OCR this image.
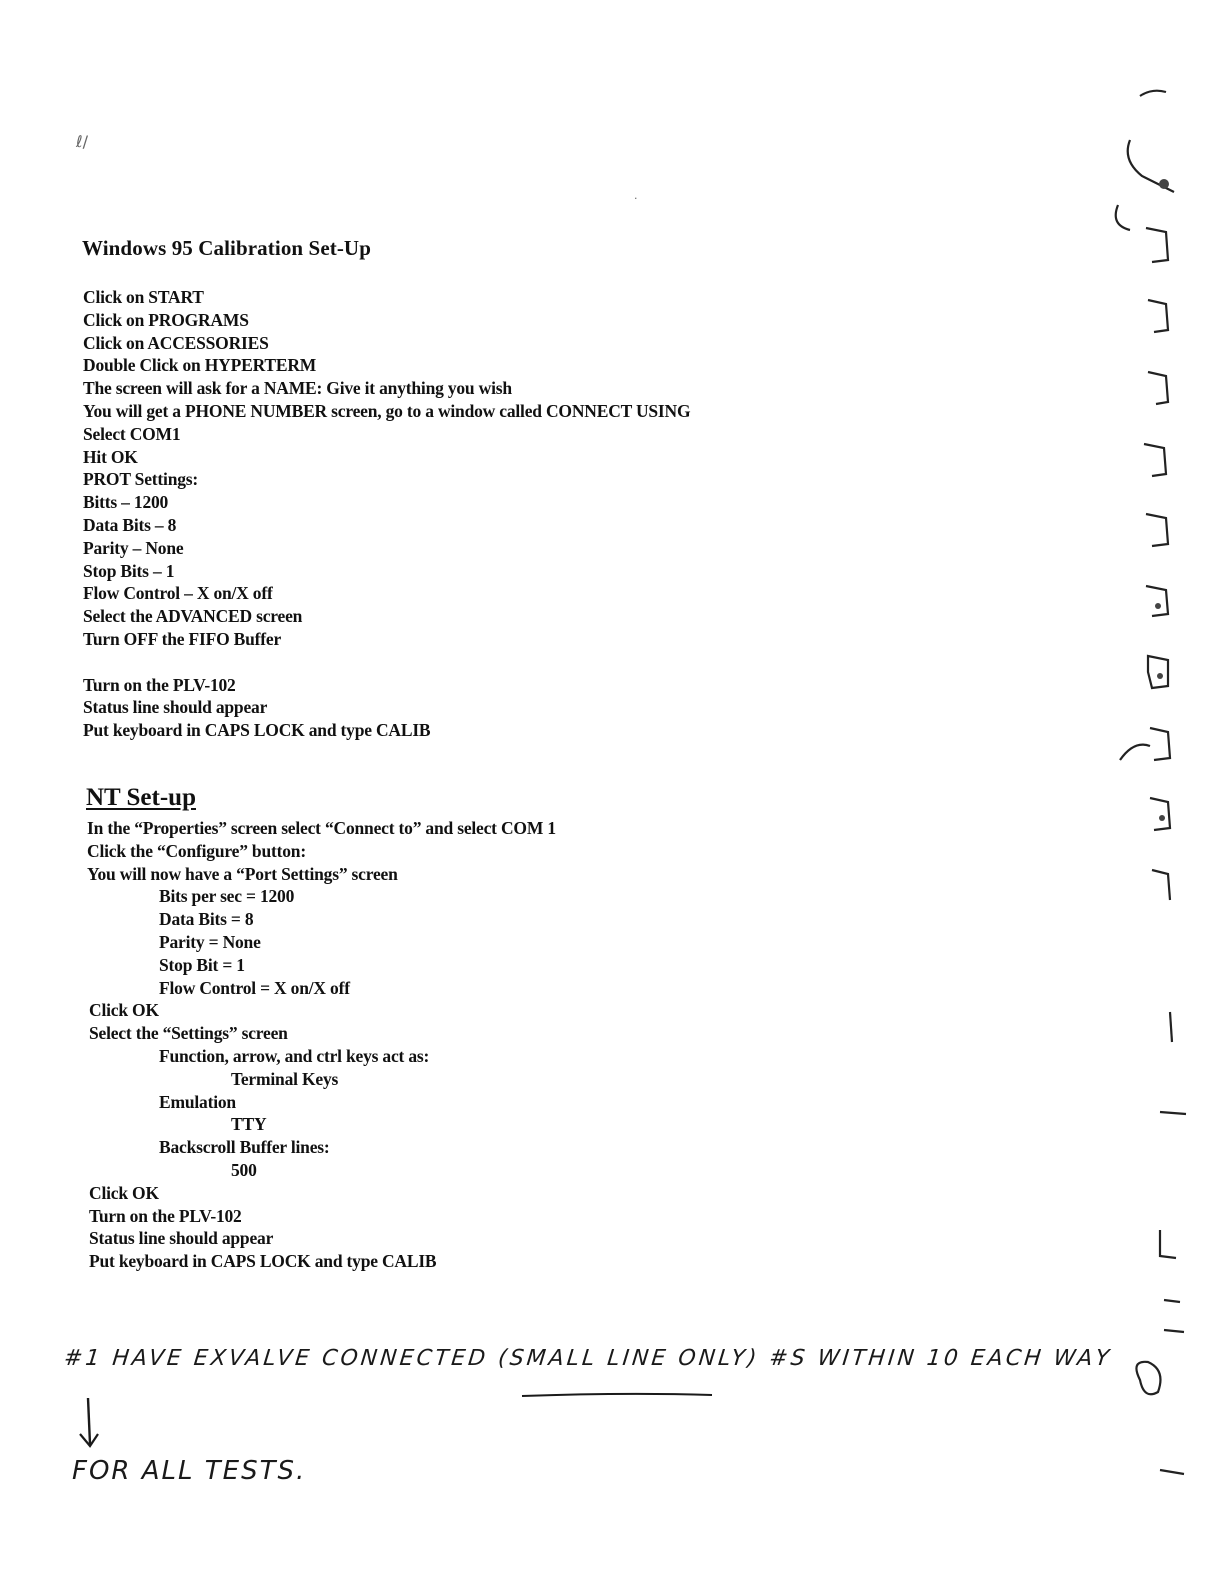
ℓ/
·
Windows 95 Calibration Set-Up
Click on START
Click on PROGRAMS
Click on ACCESSORIES
Double Click on HYPERTERM
The screen will ask for a NAME: Give it anything you wish
You will get a PHONE NUMBER screen, go to a window called CONNECT USING
Select COM1
Hit OK
PROT Settings:
Bitts – 1200
Data Bits – 8
Parity – None
Stop Bits – 1
Flow Control – X on/X off
Select the ADVANCED screen
Turn OFF the FIFO Buffer
Turn on the PLV-102
Status line should appear
Put keyboard in CAPS LOCK and type CALIB
NT Set-up
In the “Properties” screen select “Connect to” and select COM 1
Click the “Configure” button:
You will now have a “Port Settings” screen
Bits per sec = 1200
Data Bits = 8
Parity = None
Stop Bit = 1
Flow Control = X on/X off
Click OK
Select the “Settings” screen
Function, arrow, and ctrl keys act as:
Terminal Keys
Emulation
TTY
Backscroll Buffer lines:
500
Click OK
Turn on the PLV-102
Status line should appear
Put keyboard in CAPS LOCK and type CALIB
#1 HAVE EXVALVE CONNECTED (SMALL LINE ONLY) #S WITHIN 10 EACH WAY
FOR ALL TESTS.
